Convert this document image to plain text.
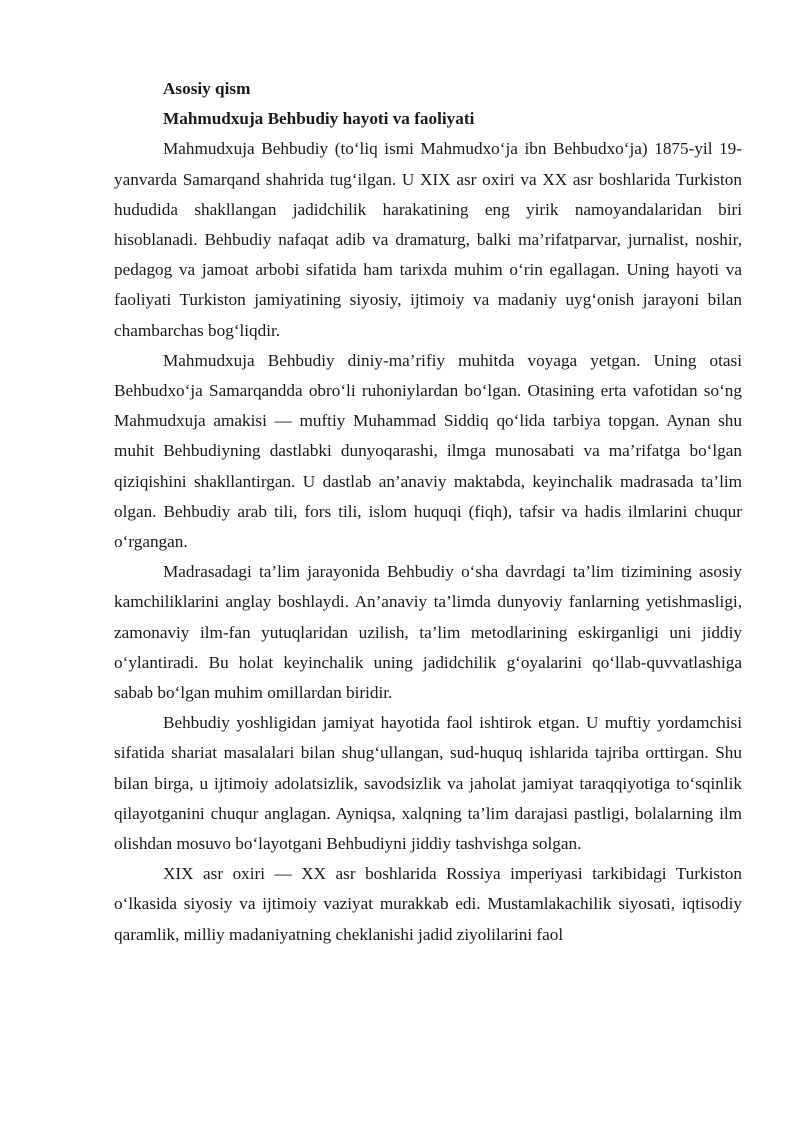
Asosiy qism

Mahmudxuja Behbudiy hayoti va faoliyati

Mahmudxuja Behbudiy (to‘liq ismi Mahmudxo‘ja ibn Behbudxo‘ja) 1875-yil 19-yanvarda Samarqand shahrida tug‘ilgan. U XIX asr oxiri va XX asr boshlarida Turkiston hududida shakllangan jadidchilik harakatining eng yirik namoyandalaridan biri hisoblanadi. Behbudiy nafaqat adib va dramaturg, balki ma’rifatparvar, jurnalist, noshir, pedagog va jamoat arbobi sifatida ham tarixda muhim o‘rin egallagan. Uning hayoti va faoliyati Turkiston jamiyatining siyosiy, ijtimoiy va madaniy uyg‘onish jarayoni bilan chambarchas bog‘liqdir.

Mahmudxuja Behbudiy diniy-ma’rifiy muhitda voyaga yetgan. Uning otasi Behbudxo‘ja Samarqandda obro‘li ruhoniylardan bo‘lgan. Otasining erta vafotidan so‘ng Mahmudxuja amakisi — muftiy Muhammad Siddiq qo‘lida tarbiya topgan. Aynan shu muhit Behbudiyning dastlabki dunyoqarashi, ilmga munosabati va ma’rifatga bo‘lgan qiziqishini shakllantirgan. U dastlab an’anaviy maktabda, keyinchalik madrasada ta’lim olgan. Behbudiy arab tili, fors tili, islom huquqi (fiqh), tafsir va hadis ilmlarini chuqur o‘rgangan.

Madrasadagi ta’lim jarayonida Behbudiy o‘sha davrdagi ta’lim tizimining asosiy kamchiliklarini anglay boshlaydi. An’anaviy ta’limda dunyoviy fanlarning yetishmasligi, zamonaviy ilm-fan yutuqlaridan uzilish, ta’lim metodlarining eskirganligi uni jiddiy o‘ylantiradi. Bu holat keyinchalik uning jadidchilik g‘oyalarini qo‘llab-quvvatlashiga sabab bo‘lgan muhim omillardan biridir.

Behbudiy yoshligidan jamiyat hayotida faol ishtirok etgan. U muftiy yordamchisi sifatida shariat masalalari bilan shug‘ullangan, sud-huquq ishlarida tajriba orttirgan. Shu bilan birga, u ijtimoiy adolatsizlik, savodsizlik va jaholat jamiyat taraqqiyotiga to‘sqinlik qilayotganini chuqur anglagan. Ayniqsa, xalqning ta’lim darajasi pastligi, bolalarning ilm olishdan mosuvo bo‘layotgani Behbudiyni jiddiy tashvishga solgan.

XIX asr oxiri — XX asr boshlarida Rossiya imperiyasi tarkibidagi Turkiston o‘lkasida siyosiy va ijtimoiy vaziyat murakkab edi. Mustamlakachilik siyosati, iqtisodiy qaramlik, milliy madaniyatning cheklanishi jadid ziyolilarini faol
